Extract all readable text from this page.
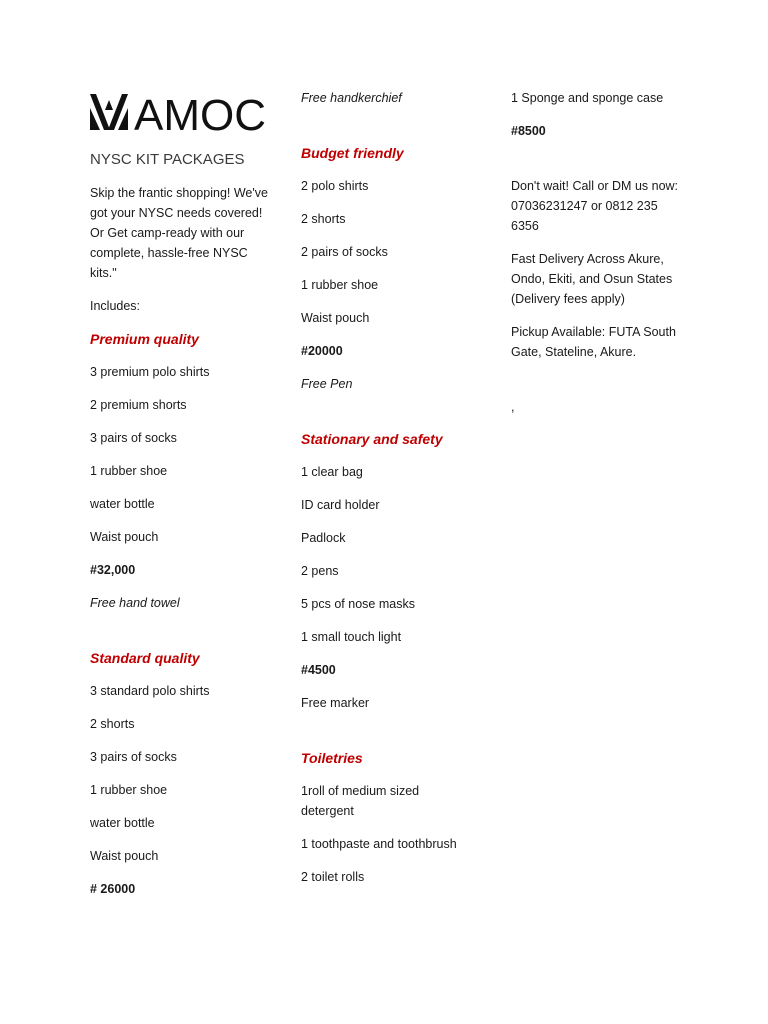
AMOC
NYSC KIT PACKAGES

Skip the frantic shopping! We've got your NYSC needs covered! Or Get camp-ready with our complete, hassle-free NYSC kits."

Includes:

Premium quality
3 premium polo shirts
2 premium shorts
3 pairs of socks
1 rubber shoe
water bottle
Waist pouch
#32,000
Free hand towel
Standard quality
3 standard polo shirts
2 shorts
3 pairs of socks
1 rubber shoe
water bottle
Waist pouch
# 26000
Free handkerchief
Budget friendly
2 polo shirts
2 shorts
2 pairs of socks
1 rubber shoe
Waist pouch
#20000
Free Pen
Stationary and safety
1 clear bag
ID card holder
Padlock
2 pens
5 pcs of nose masks
1 small touch light
#4500
Free marker
Toiletries
1roll of medium sized detergent
1 toothpaste and toothbrush
2 toilet rolls
1 Sponge and sponge case
#8500

Don't wait! Call or DM us now: 07036231247 or 0812 235 6356

Fast Delivery Across Akure, Ondo, Ekiti, and Osun States (Delivery fees apply)

Pickup Available: FUTA South Gate, Stateline, Akure.

,
